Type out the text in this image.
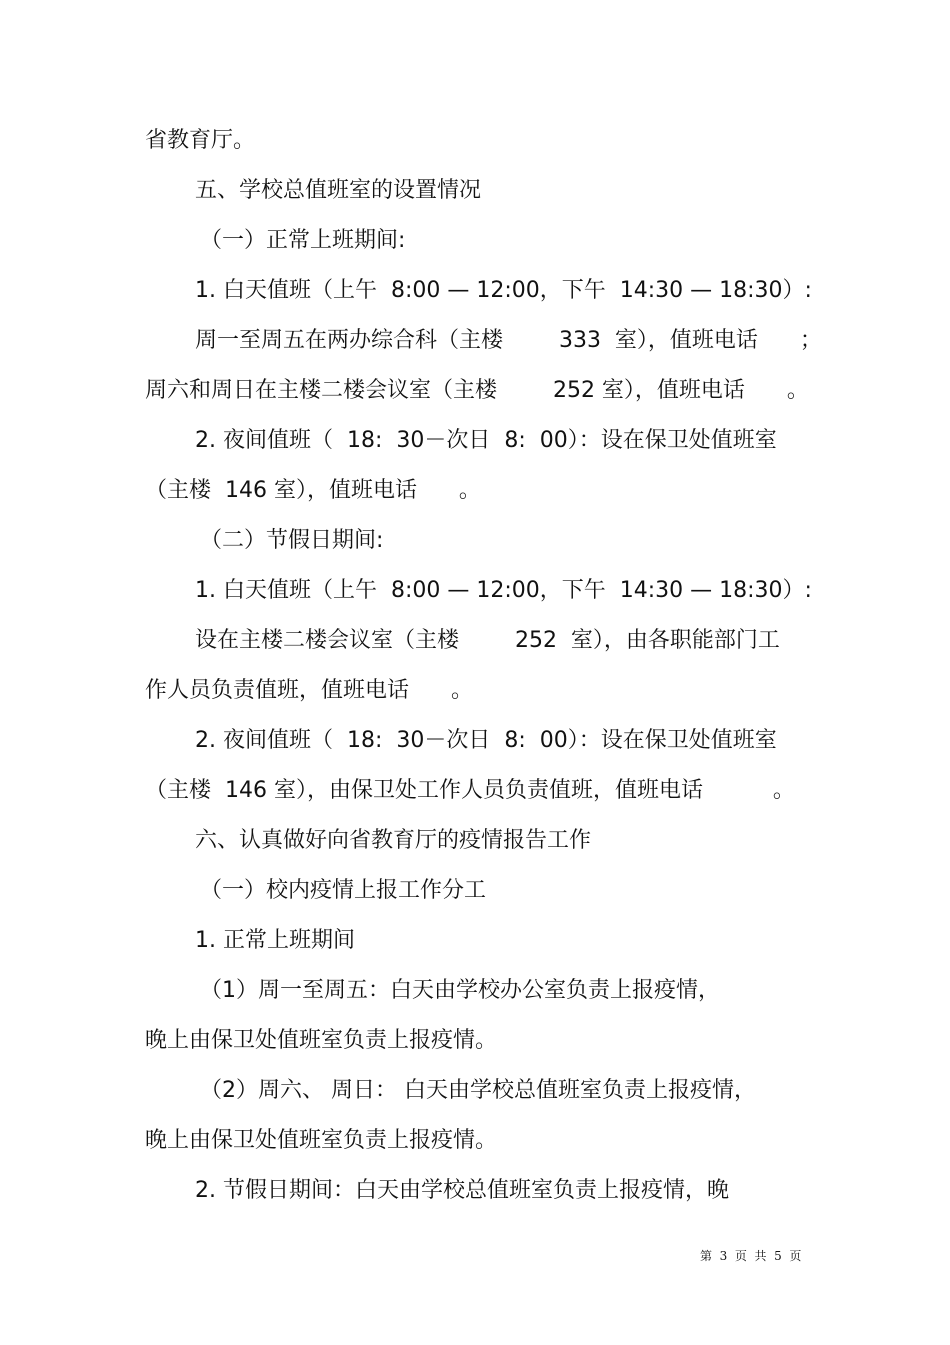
省教育厅。
五、学校总值班室的设置情况
（一）正常上班期间:
1. 白天值班（上午  8:00 — 12:00，下午  14:30 — 18:30）:
周一至周五在两办综合科（主楼        333  室），值班电话      ；
周六和周日在主楼二楼会议室（主楼        252 室），值班电话      。
2. 夜间值班（  18:  30－次日  8:  00）：设在保卫处值班室
（主楼  146 室），值班电话      。
（二）节假日期间:
1. 白天值班（上午  8:00 — 12:00，下午  14:30 — 18:30）:
设在主楼二楼会议室（主楼        252  室），由各职能部门工
作人员负责值班，值班电话      。
2. 夜间值班（  18:  30－次日  8:  00）：设在保卫处值班室
（主楼  146 室），由保卫处工作人员负责值班，值班电话          。
六、认真做好向省教育厅的疫情报告工作
（一）校内疫情上报工作分工
1. 正常上班期间
（1）周一至周五：白天由学校办公室负责上报疫情，
晚上由保卫处值班室负责上报疫情。
（2）周六、 周日： 白天由学校总值班室负责上报疫情，
晚上由保卫处值班室负责上报疫情。
2. 节假日期间：白天由学校总值班室负责上报疫情，晚
第  3  页  共  5  页
